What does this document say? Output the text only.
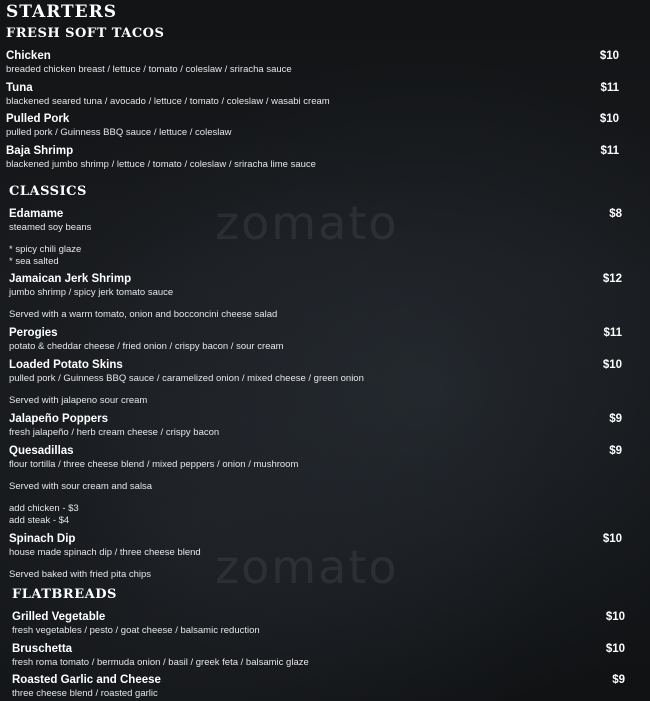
zomato
zomato
STARTERS
FRESH SOFT TACOS
Chicken	$10
breaded chicken breast / lettuce / tomato / coleslaw / sriracha sauce
Tuna	$11
blackened seared tuna / avocado / lettuce / tomato / coleslaw / wasabi cream
Pulled Pork	$10
pulled pork / Guinness BBQ sauce / lettuce / coleslaw
Baja Shrimp	$11
blackened jumbo shrimp / lettuce / tomato / coleslaw / sriracha lime sauce
CLASSICS
Edamame	$8
steamed soy beans
* spicy chili glaze
* sea salted
Jamaican Jerk Shrimp	$12
jumbo shrimp / spicy jerk tomato sauce
Served with a warm tomato, onion and bocconcini cheese salad
Perogies	$11
potato & cheddar cheese / fried onion / crispy bacon / sour cream
Loaded Potato Skins	$10
pulled pork / Guinness BBQ sauce / caramelized onion / mixed cheese / green onion
Served with jalapeno sour cream
Jalapeño Poppers	$9
fresh jalapeño / herb cream cheese / crispy bacon
Quesadillas	$9
flour tortilla / three cheese blend / mixed peppers / onion / mushroom
Served with sour cream and salsa
add chicken - $3
add steak - $4
Spinach Dip	$10
house made spinach dip / three cheese blend
Served baked with fried pita chips
FLATBREADS
Grilled Vegetable	$10
fresh vegetables / pesto / goat cheese / balsamic reduction
Bruschetta	$10
fresh roma tomato / bermuda onion / basil / greek feta / balsamic glaze
Roasted Garlic and Cheese	$9
three cheese blend / roasted garlic
